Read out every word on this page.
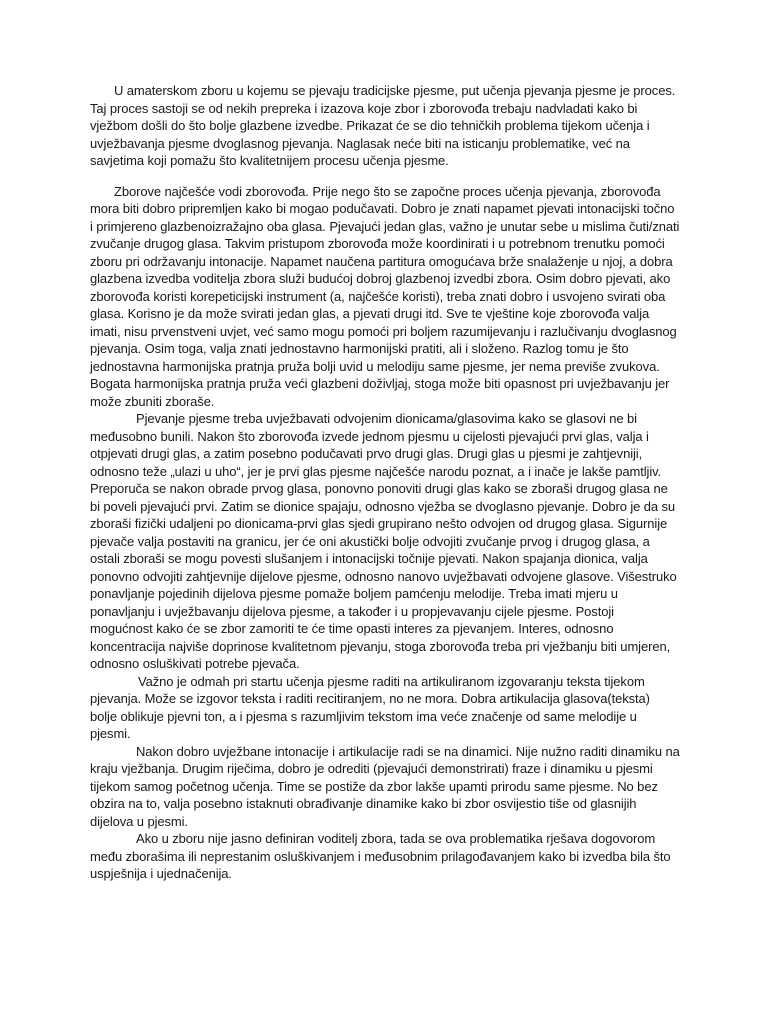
U amaterskom zboru u kojemu se pjevaju tradicijske pjesme, put učenja pjevanja pjesme je proces. Taj proces sastoji se od nekih prepreka i izazova koje zbor i zborovođa trebaju nadvladati kako bi vježbom došli do što bolje glazbene izvedbe. Prikazat će se dio tehničkih problema tijekom učenja i uvježbavanja pjesme dvoglasnog pjevanja. Naglasak neće biti na isticanju problematike, već na savjetima koji pomažu što kvalitetnijem procesu učenja pjesme.

Zborove najčešće vodi zborovođa. Prije nego što se započne proces učenja pjevanja, zborovođa mora biti dobro pripremljen kako bi mogao podučavati. Dobro je znati napamet pjevati intonacijski točno i primjereno glazbenoizražajno oba glasa. Pjevajući jedan glas, važno je unutar sebe u mislima čuti/znati zvučanje drugog glasa. Takvim pristupom zborovođa može koordinirati i u potrebnom trenutku pomoći zboru pri održavanju intonacije. Napamet naučena partitura omogućava brže snalaženje u njoj, a dobra glazbena izvedba voditelja zbora služi budućoj dobroj glazbenoj izvedbi zbora. Osim dobro pjevati, ako zborovođa koristi korepeticijski instrument (a, najčešće koristi), treba znati dobro i usvojeno svirati oba glasa. Korisno je da može svirati jedan glas, a pjevati drugi itd. Sve te vještine koje zborovođa valja imati, nisu prvenstveni uvjet, već samo mogu pomoći pri boljem razumijevanju i razlučivanju dvoglasnog pjevanja. Osim toga, valja znati jednostavno harmonijski pratiti, ali i složeno. Razlog tomu je što jednostavna harmonijska pratnja pruža bolji uvid u melodiju same pjesme, jer nema previše zvukova. Bogata harmonijska pratnja pruža veći glazbeni doživljaj, stoga može biti opasnost pri uvježbavanju jer može zbuniti zboraše.

Pjevanje pjesme treba uvježbavati odvojenim dionicama/glasovima kako se glasovi ne bi međusobno bunili. Nakon što zborovođa izvede jednom pjesmu u cijelosti pjevajući prvi glas, valja i otpjevati drugi glas, a zatim posebno podučavati prvo drugi glas. Drugi glas u pjesmi je zahtjevniji, odnosno teže „ulazi u uho“, jer je prvi glas pjesme najčešće narodu poznat, a i inače je lakše pamtljiv. Preporuča se nakon obrade prvog glasa, ponovno ponoviti drugi glas kako se zboraši drugog glasa ne bi poveli pjevajući prvi. Zatim se dionice spajaju, odnosno vježba se dvoglasno pjevanje. Dobro je da su zboraši fizički udaljeni po dionicama-prvi glas sjedi grupirano nešto odvojen od drugog glasa. Sigurnije pjevače valja postaviti na granicu, jer će oni akustički bolje odvojiti zvučanje prvog i drugog glasa, a ostali zboraši se mogu povesti slušanjem i intonacijski točnije pjevati. Nakon spajanja dionica, valja ponovno odvojiti zahtjevnije dijelove pjesme, odnosno nanovo uvježbavati odvojene glasove. Višestruko ponavljanje pojedinih dijelova pjesme pomaže boljem pamćenju melodije. Treba imati mjeru u ponavljanju i uvježbavanju dijelova pjesme, a također i u propjevavanju cijele pjesme. Postoji mogućnost kako će se zbor zamoriti te će time opasti interes za pjevanjem. Interes, odnosno koncentracija najviše doprinose kvalitetnom pjevanju, stoga zborovođa treba pri vježbanju biti umjeren, odnosno osluškivati potrebe pjevača.

Važno je odmah pri startu učenja pjesme raditi na artikuliranom izgovaranju teksta tijekom pjevanja. Može se izgovor teksta i raditi recitiranjem, no ne mora. Dobra artikulacija glasova(teksta) bolje oblikuje pjevni ton, a i pjesma s razumljivim tekstom ima veće značenje od same melodije u pjesmi.

Nakon dobro uvježbane intonacije i artikulacije radi se na dinamici. Nije nužno raditi dinamiku na kraju vježbanja. Drugim riječima, dobro je odrediti (pjevajući demonstrirati) fraze i dinamiku u pjesmi tijekom samog početnog učenja. Time se postiže da zbor lakše upamti prirodu same pjesme. No bez obzira na to, valja posebno istaknuti obrađivanje dinamike kako bi zbor osvijestio tiše od glasnijih dijelova u pjesmi.

Ako u zboru nije jasno definiran voditelj zbora, tada se ova problematika rješava dogovorom među zborašima ili neprestanim osluškivanjem i međusobnim prilagođavanjem kako bi izvedba bila što uspješnija i ujednačenija.
